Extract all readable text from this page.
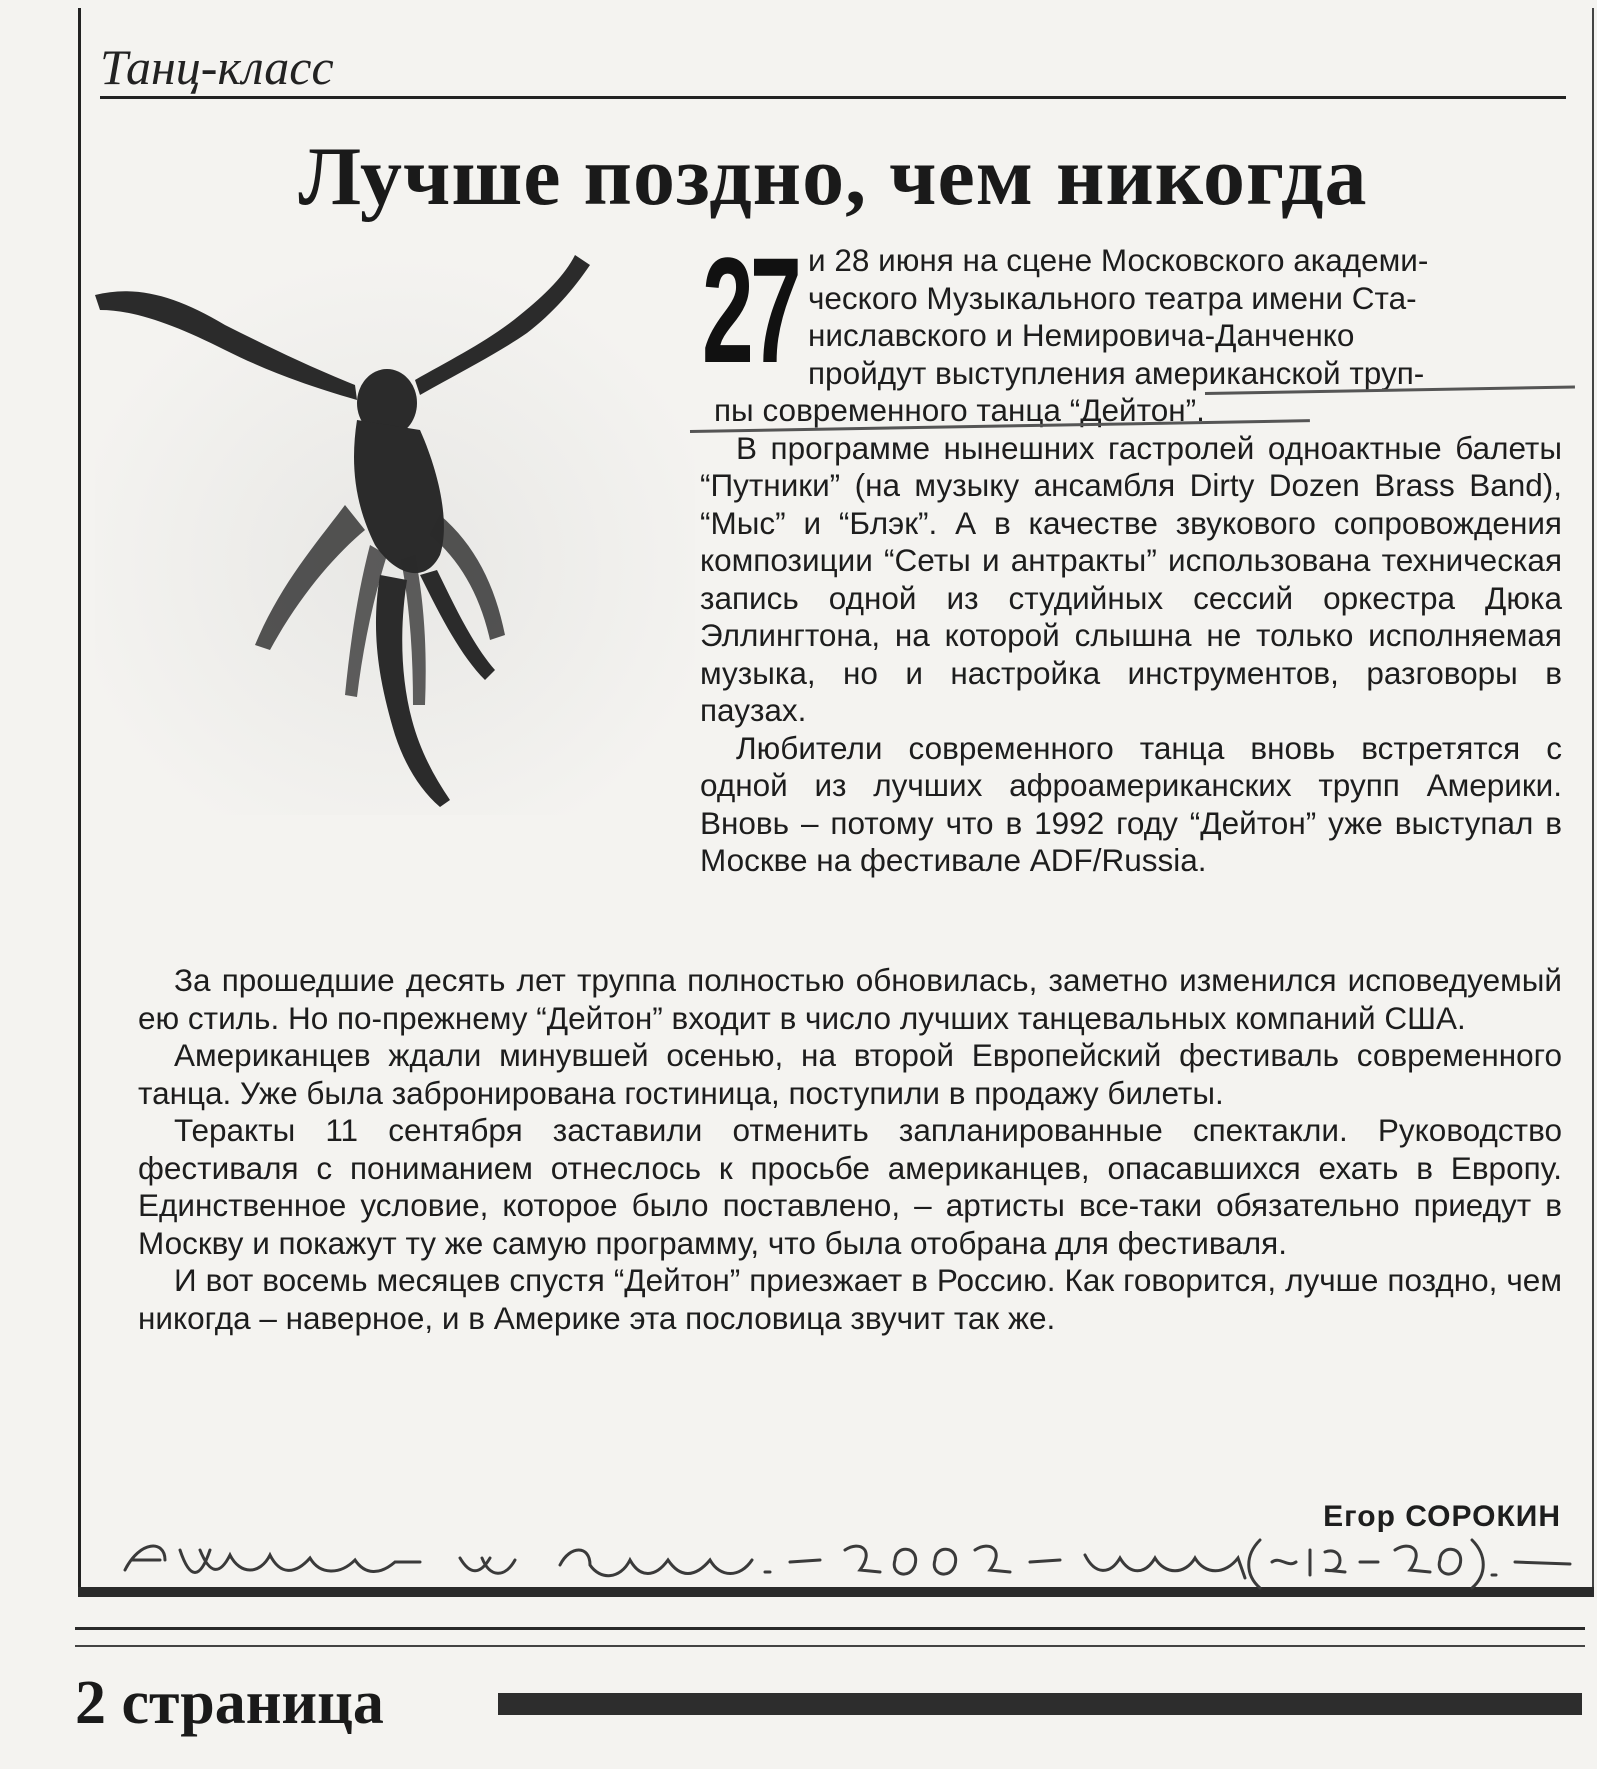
Танц-класс
Лучше поздно, чем никогда
27 и 28 июня на сцене Московского академи-
ческого Музыкального театра имени Ста-
ниславского и Немировича-Данченко
пройдут выступления американской труп-

пы современного танца “Дейтон”.

В программе нынешних гастролей одноактные балеты “Путники” (на музыку ансамбля Dirty Dozen Brass Band), “Мыс” и “Блэк”. А в качестве звукового сопровождения композиции “Сеты и антракты” использована техническая запись одной из студийных сессий оркестра Дюка Эллингтона, на которой слышна не только исполняемая музыка, но и настройка инструментов, разговоры в паузах.

Любители современного танца вновь встретятся с одной из лучших афроамериканских трупп Америки. Вновь – потому что в 1992 году “Дейтон” уже выступал в Москве на фестивале ADF/Russia.

За прошедшие десять лет труппа полностью обновилась, заметно изменился исповедуемый ею стиль. Но по-прежнему “Дейтон” входит в число лучших танцевальных компаний США.

Американцев ждали минувшей осенью, на второй Европейский фестиваль современного танца. Уже была забронирована гостиница, поступили в продажу билеты.

Теракты 11 сентября заставили отменить запланированные спектакли. Руководство фестиваля с пониманием отнеслось к просьбе американцев, опасавшихся ехать в Европу. Единственное условие, которое было поставлено, – артисты все-таки обязательно приедут в Москву и покажут ту же самую программу, что была отобрана для фестиваля.

И вот восемь месяцев спустя “Дейтон” приезжает в Россию. Как говорится, лучше поздно, чем никогда – наверное, и в Америке эта пословица звучит так же.

Егор СОРОКИН
2 страница
